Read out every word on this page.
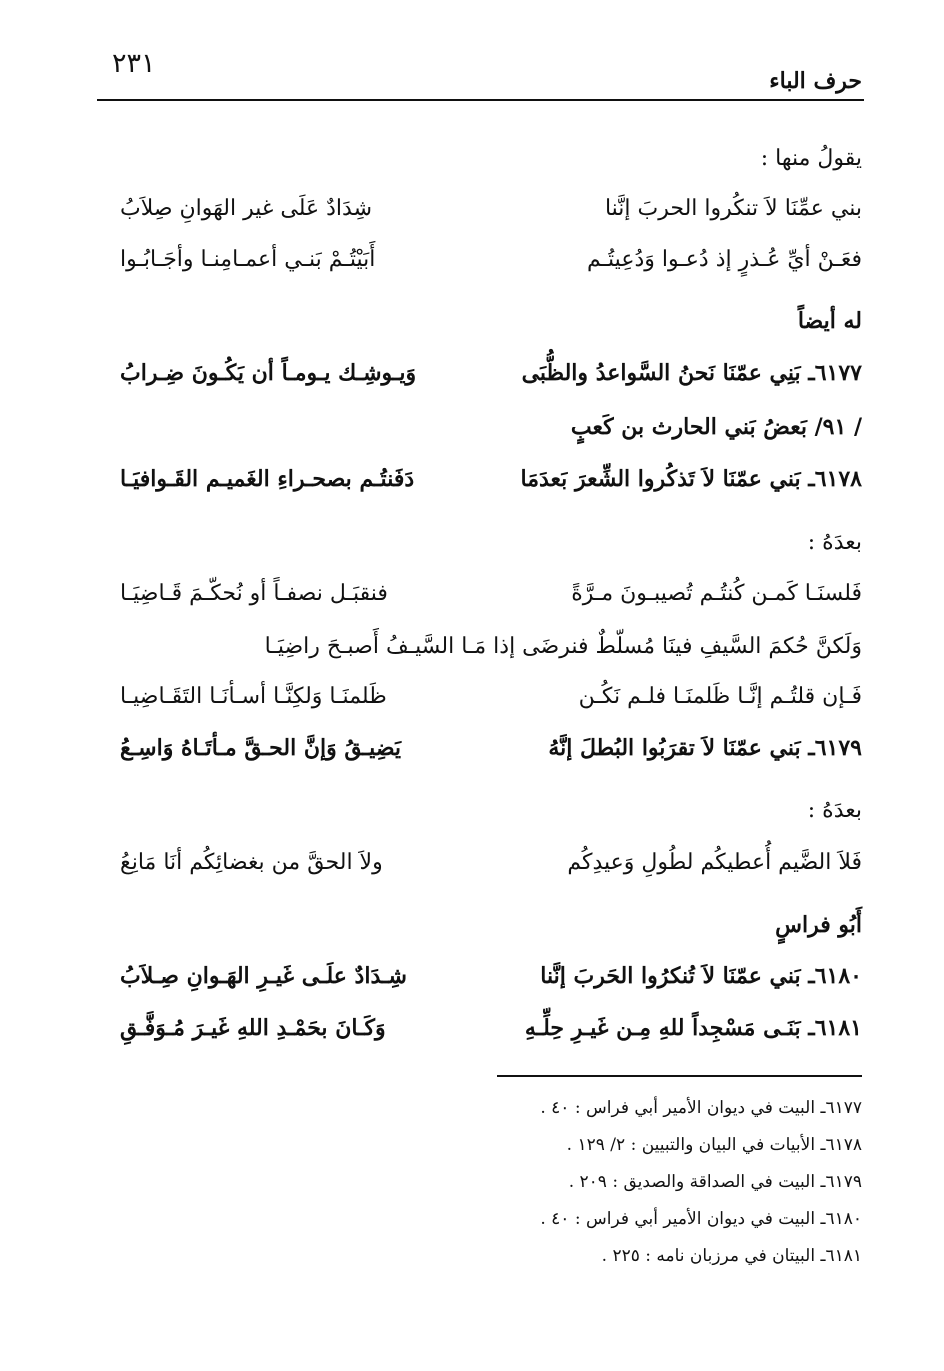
٢٣١
حرف الباء
يقولُ منها :
بني عمِّنَا لاَ تنكُروا الحربَ إنَّنا
شِدَادٌ عَلَى غير الهَوانِ صِلاَبُ
فعَـنْ أيِّ عُـذرٍ إذ دُعـوا وَدُعِيتُـم
أَبَيْتُـمْ بَنـي أعمـامِنـا وأجَـابُـوا
له أيضاً
٦١٧٧ـ بَنِي عمّنَا نَحنُ السَّواعدُ والظُّبَى
وَيـوشِـك يـومـاً أن يَكُـونَ ضِـرابُ
/ ٩١/ بَعضُ بَني الحارث بن كَعبٍ
٦١٧٨ـ بَني عمّنَا لاَ تَذكُروا الشِّعرَ بَعدَمَا
دَفَنتُـم بصحـراءِ الغَميـم القَـوافيَـا
بعدَهُ :
فَلسنَـا كَمـن كُنتُـم تُصيبـونَ مـرَّةً
فنقبَـل نصفـاً أو نُحكّـمَ قَـاضِيَـا
وَلَكنَّ حُكمَ السَّيفِ فينَا مُسلّطٌ فنرضَى إذا مَـا السَّيـفُ أَصبـحَ راضِيَـا
فَـإن قلتُـم إنَّـا ظَلمنَـا فلـم نَكُـن
ظَلمنَـا وَلكِنَّـا أسـأنَـا التَقَـاضِيـا
٦١٧٩ـ بَني عمّنَا لاَ تقرَبُوا البُطلَ إنَّهُ
يَضِيـقُ وَإنَّ الحـقَّ مـأتَـاهُ وَاسِـعُ
بعدَهُ :
فَلاَ الضَّيم أُعطيكُم لطُولِ وَعيدِكُم
ولاَ الحقَّ من بغضائِكُم أنَا مَانِعُ
أَبُو فراسٍ
٦١٨٠ـ بَني عمّنَا لاَ تُنكرُوا الحَربَ إنَّنا
شِـدَادٌ علَـى غَيـرِ الهَـوانِ صِـلاَبُ
٦١٨١ـ بَنَـى مَسْجِداً للهِ مِـن غَيـرِ حِلِّـهِ
وَكَـانَ بحَمْـدِ اللهِ غَيـرَ مُـوَفَّـقِ
٦١٧٧ـ البيت في ديوان الأمير أبي فراس : ٤٠ .
٦١٧٨ـ الأبيات في البيان والتبيين : ٢/ ١٢٩ .
٦١٧٩ـ البيت في الصداقة والصديق : ٢٠٩ .
٦١٨٠ـ البيت في ديوان الأمير أبي فراس : ٤٠ .
٦١٨١ـ البيتان في مرزبان نامه : ٢٢٥ .
